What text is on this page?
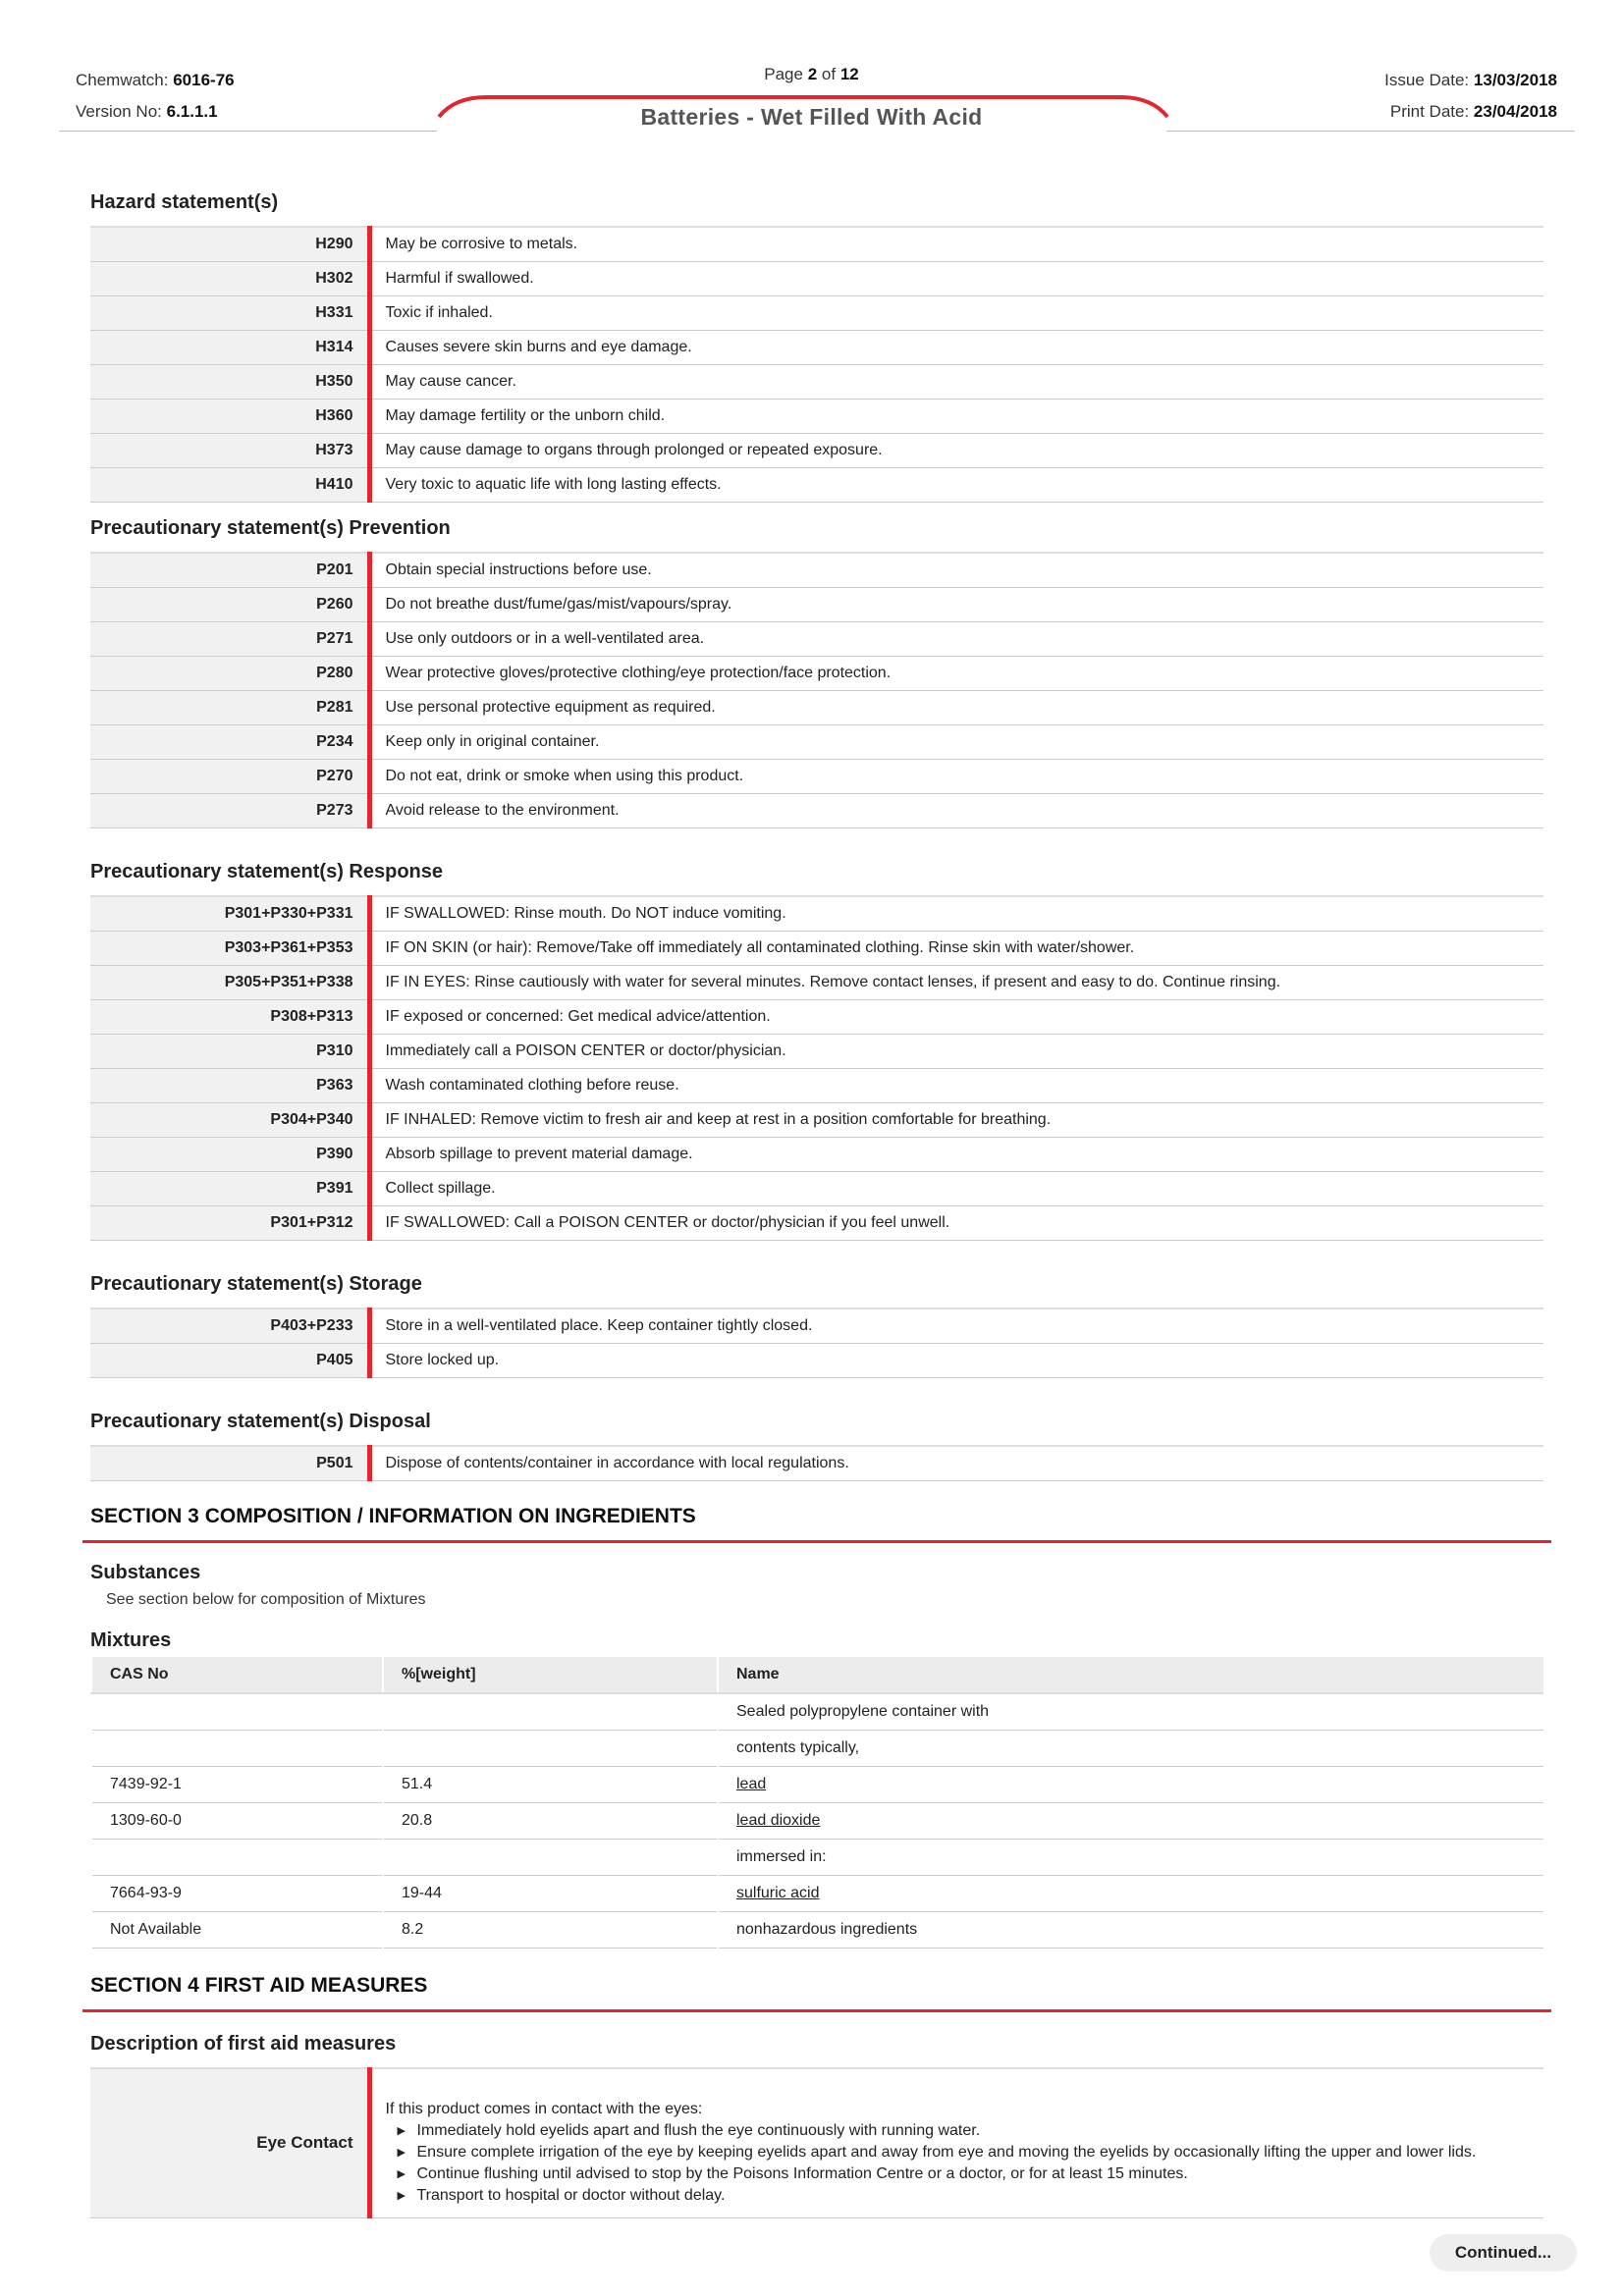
Chemwatch: 6016-76
Version No: 6.1.1.1
Page 2 of 12	Issue Date: 13/03/2018
Print Date: 23/04/2018
Batteries - Wet Filled With Acid
Hazard statement(s)
H290	May be corrosive to metals.
H302	Harmful if swallowed.
H331	Toxic if inhaled.
H314	Causes severe skin burns and eye damage.
H350	May cause cancer.
H360	May damage fertility or the unborn child.
H373	May cause damage to organs through prolonged or repeated exposure.
H410	Very toxic to aquatic life with long lasting effects.
Precautionary statement(s) Prevention
P201	Obtain special instructions before use.
P260	Do not breathe dust/fume/gas/mist/vapours/spray.
P271	Use only outdoors or in a well-ventilated area.
P280	Wear protective gloves/protective clothing/eye protection/face protection.
P281	Use personal protective equipment as required.
P234	Keep only in original container.
P270	Do not eat, drink or smoke when using this product.
P273	Avoid release to the environment.
Precautionary statement(s) Response
P301+P330+P331	IF SWALLOWED: Rinse mouth. Do NOT induce vomiting.
P303+P361+P353	IF ON SKIN (or hair): Remove/Take off immediately all contaminated clothing. Rinse skin with water/shower.
P305+P351+P338	IF IN EYES: Rinse cautiously with water for several minutes. Remove contact lenses, if present and easy to do. Continue rinsing.
P308+P313	IF exposed or concerned: Get medical advice/attention.
P310	Immediately call a POISON CENTER or doctor/physician.
P363	Wash contaminated clothing before reuse.
P304+P340	IF INHALED: Remove victim to fresh air and keep at rest in a position comfortable for breathing.
P390	Absorb spillage to prevent material damage.
P391	Collect spillage.
P301+P312	IF SWALLOWED: Call a POISON CENTER or doctor/physician if you feel unwell.
Precautionary statement(s) Storage
P403+P233	Store in a well-ventilated place. Keep container tightly closed.
P405	Store locked up.
Precautionary statement(s) Disposal
P501	Dispose of contents/container in accordance with local regulations.
SECTION 3 COMPOSITION / INFORMATION ON INGREDIENTS
Substances
See section below for composition of Mixtures
Mixtures
CAS No	%[weight]	Name
		Sealed polypropylene container with
		contents typically,
7439-92-1	51.4	lead
1309-60-0	20.8	lead dioxide
		immersed in:
7664-93-9	19-44	sulfuric acid
Not Available	8.2	nonhazardous ingredients
SECTION 4 FIRST AID MEASURES
Description of first aid measures
Eye Contact	
If this product comes in contact with the eyes:
▶ Immediately hold eyelids apart and flush the eye continuously with running water.
▶ Ensure complete irrigation of the eye by keeping eyelids apart and away from eye and moving the eyelids by occasionally lifting the upper and lower lids.
▶ Continue flushing until advised to stop by the Poisons Information Centre or a doctor, or for at least 15 minutes.
▶ Transport to hospital or doctor without delay.
Continued...
